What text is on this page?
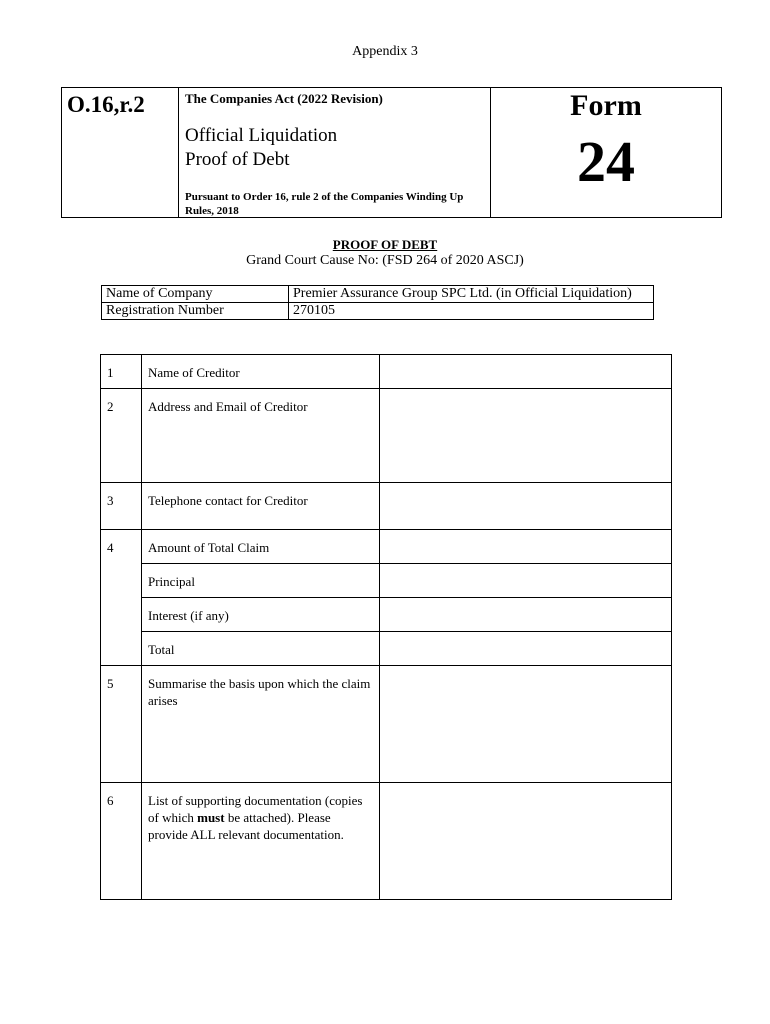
Appendix 3
O.16,r.2	The Companies Act (2022 Revision)
Official Liquidation
Proof of Debt
Pursuant to Order 16, rule 2 of the Companies Winding Up Rules, 2018
Form
24
PROOF OF DEBT
Grand Court Cause No: (FSD 264 of 2020 ASCJ)
Name of Company	Premier Assurance Group SPC Ltd. (in Official Liquidation)
Registration Number	270105
1	Name of Creditor	
2	Address and Email of Creditor	
3	Telephone contact for Creditor	
4	Amount of Total Claim	
	Principal	
	Interest (if any)	
	Total	
5	Summarise the basis upon which the claim arises	
6	List of supporting documentation (copies of which must be attached). Please provide ALL relevant documentation.	
